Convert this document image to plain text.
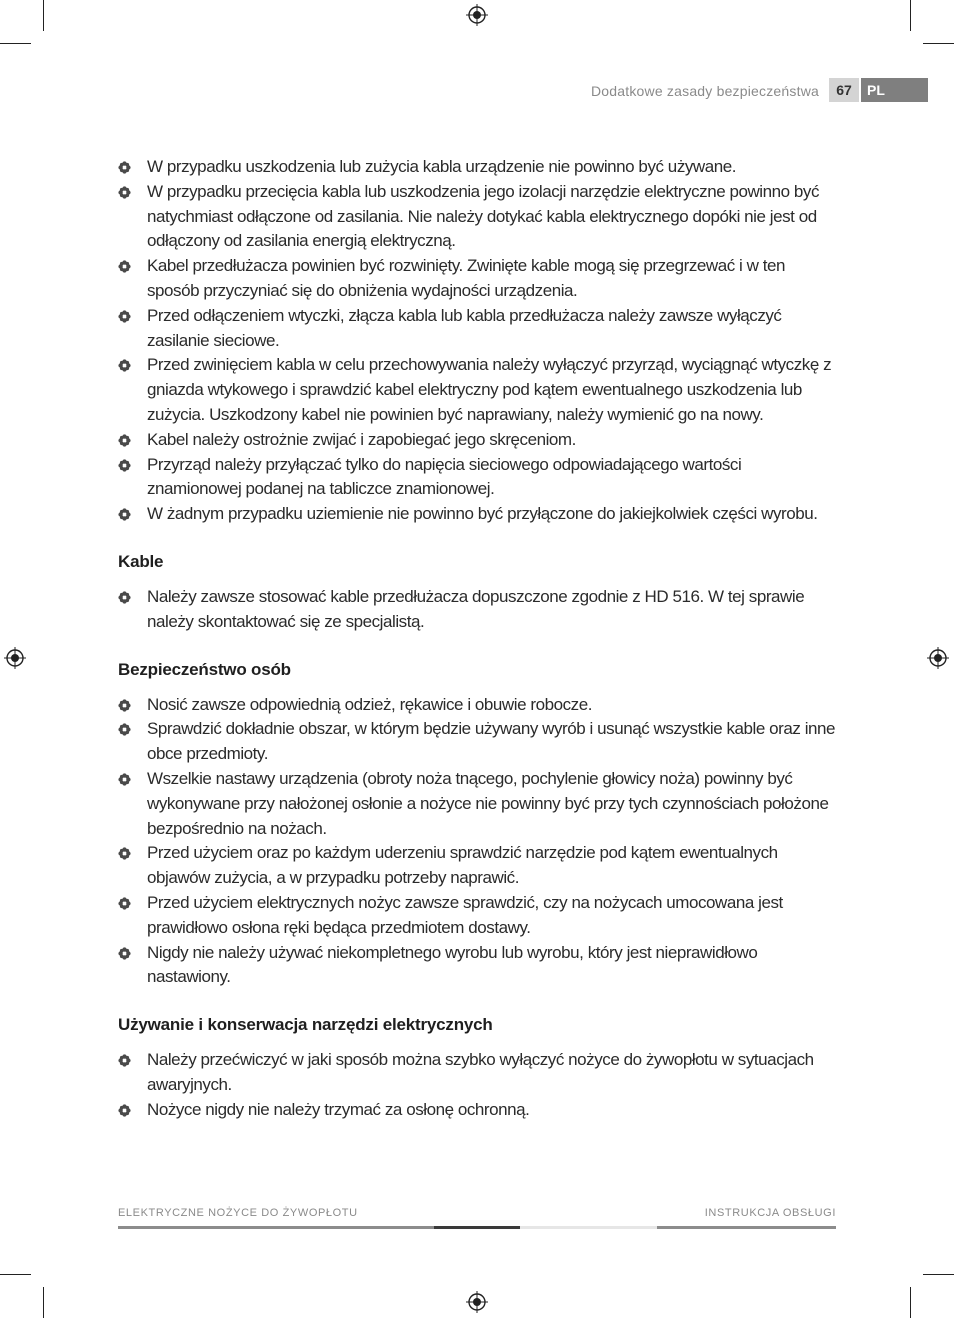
Dodatkowe zasady bezpieczeństwa	67	PL
W przypadku uszkodzenia lub zużycia kabla urządzenie nie powinno być używane.
W przypadku przecięcia kabla lub uszkodzenia jego izolacji narzędzie elektryczne powinno być natychmiast odłączone od zasilania. Nie należy dotykać kabla elektrycznego dopóki nie jest od odłączony od zasilania energią elektryczną.
Kabel przedłużacza powinien być rozwinięty. Zwinięte kable mogą się przegrzewać i w ten sposób przyczyniać się do obniżenia wydajności urządzenia.
Przed odłączeniem wtyczki, złącza kabla lub kabla przedłużacza należy zawsze wyłączyć zasilanie sieciowe.
Przed zwinięciem kabla w celu przechowywania należy wyłączyć przyrząd, wyciągnąć wtyczkę z gniazda wtykowego i sprawdzić kabel elektryczny pod kątem ewentualnego uszkodzenia lub zużycia. Uszkodzony kabel nie powinien być naprawiany, należy wymienić go na nowy.
Kabel należy ostrożnie zwijać i zapobiegać jego skręceniom.
Przyrząd należy przyłączać tylko do napięcia sieciowego odpowiadającego wartości znamionowej podanej na tabliczce znamionowej.
W żadnym przypadku uziemienie nie powinno być przyłączone do jakiejkolwiek części wyrobu.
Kable
Należy zawsze stosować kable przedłużacza dopuszczone zgodnie z HD 516. W tej sprawie należy skontaktować się ze specjalistą.
Bezpieczeństwo osób
Nosić zawsze odpowiednią odzież, rękawice i obuwie robocze.
Sprawdzić dokładnie obszar, w którym będzie używany wyrób i usunąć wszystkie kable oraz inne obce przedmioty.
Wszelkie nastawy urządzenia (obroty noża tnącego, pochylenie głowicy noża) powinny być wykonywane przy nałożonej osłonie a nożyce nie powinny być przy tych czynnościach położone bezpośrednio na nożach.
Przed użyciem oraz po każdym uderzeniu sprawdzić narzędzie pod kątem ewentualnych objawów zużycia, a w przypadku potrzeby naprawić.
Przed użyciem elektrycznych nożyc zawsze sprawdzić, czy na nożycach umocowana jest prawidłowo osłona ręki będąca przedmiotem dostawy.
Nigdy nie należy używać niekompletnego wyrobu lub wyrobu, który jest nieprawidłowo nastawiony.
Używanie i konserwacja narzędzi elektrycznych
Należy przećwiczyć w jaki sposób można szybko wyłączyć nożyce do żywopłotu w sytuacjach awaryjnych.
Nożyce nigdy nie należy trzymać za osłonę ochronną.
ELEKTRYCZNE NOŻYCE DO ŻYWOPŁOTU	INSTRUKCJA OBSŁUGI
